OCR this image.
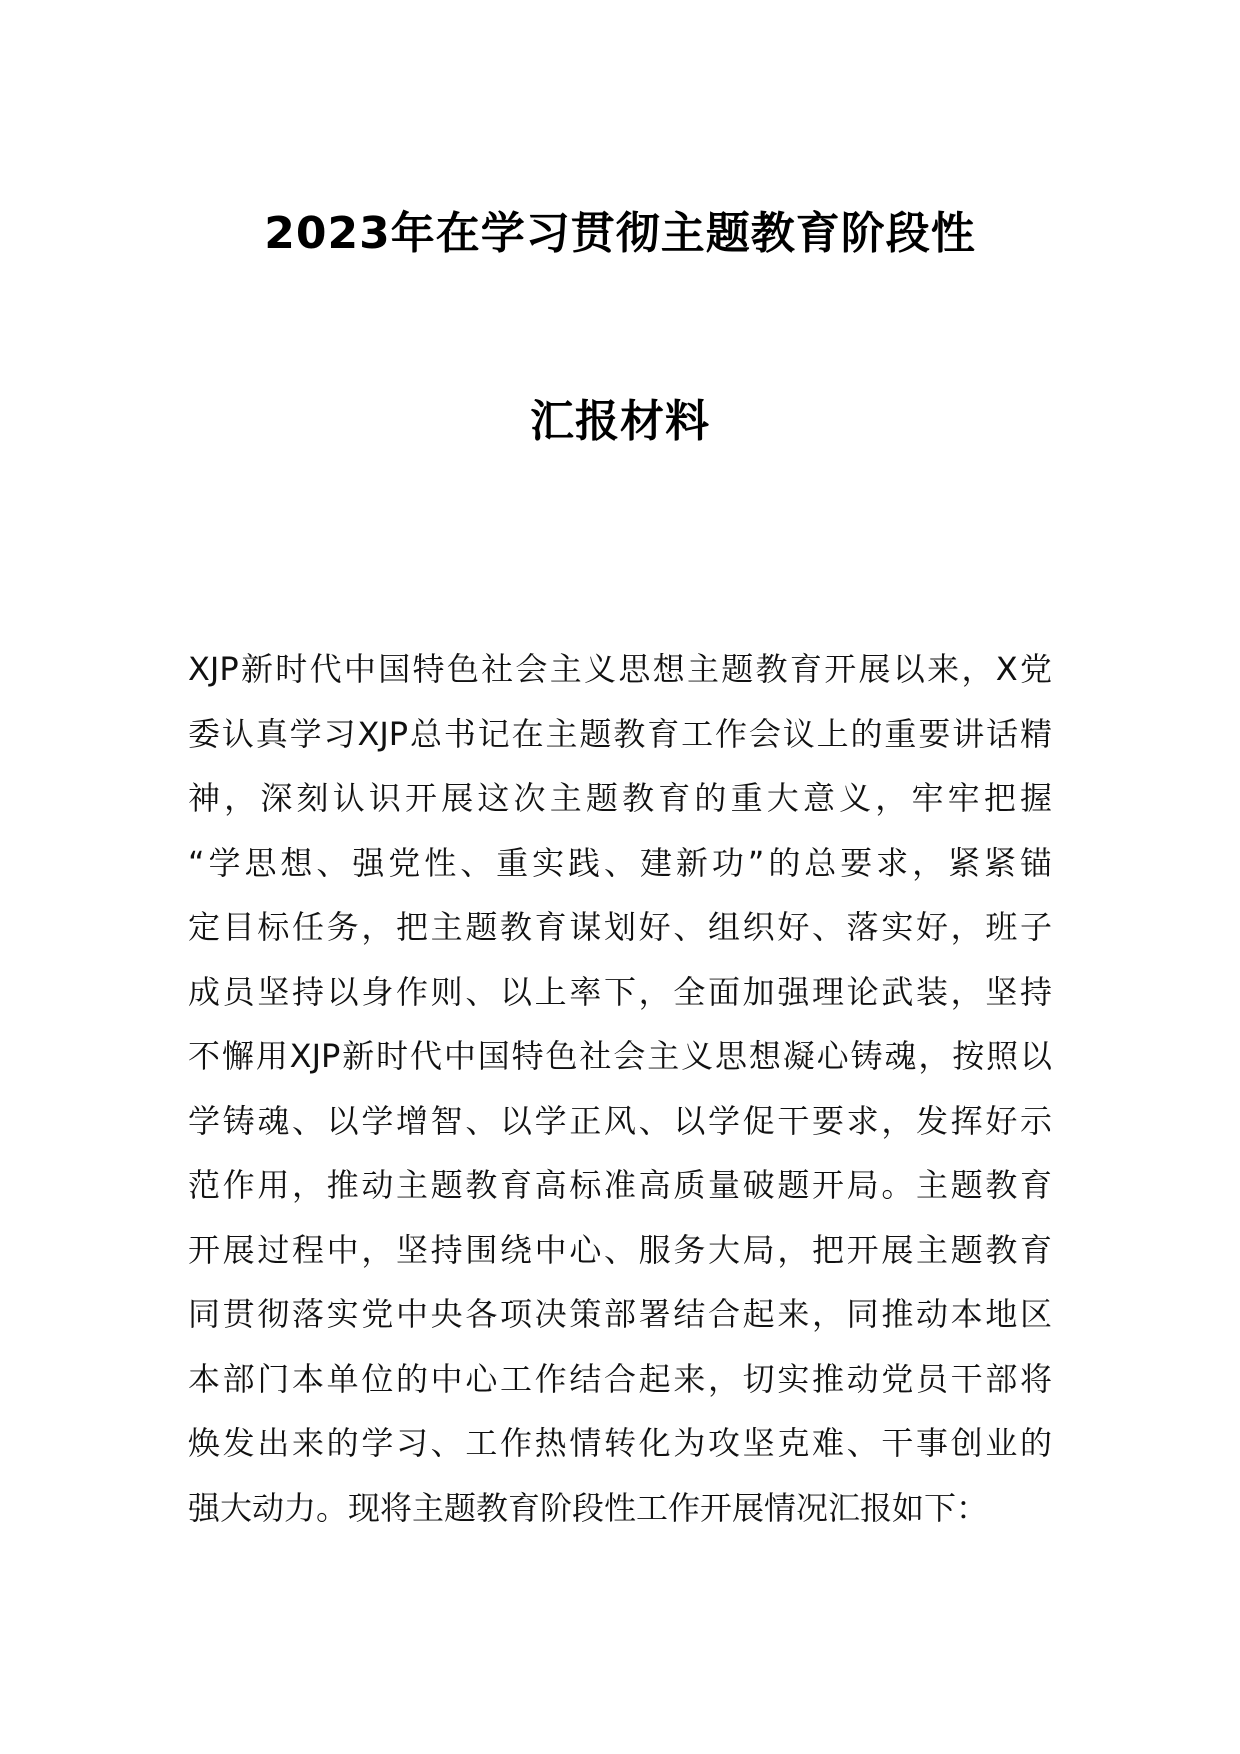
2023年在学习贯彻主题教育阶段性
汇报材料
XJP新时代中国特色社会主义思想主题教育开展以来，X党
委认真学习XJP总书记在主题教育工作会议上的重要讲话精
神，深刻认识开展这次主题教育的重大意义，牢牢把握
“学思想、强党性、重实践、建新功”的总要求，紧紧锚
定目标任务，把主题教育谋划好、组织好、落实好，班子
成员坚持以身作则、以上率下，全面加强理论武装，坚持
不懈用XJP新时代中国特色社会主义思想凝心铸魂，按照以
学铸魂、以学增智、以学正风、以学促干要求，发挥好示
范作用，推动主题教育高标准高质量破题开局。主题教育
开展过程中，坚持围绕中心、服务大局，把开展主题教育
同贯彻落实党中央各项决策部署结合起来，同推动本地区
本部门本单位的中心工作结合起来，切实推动党员干部将
焕发出来的学习、工作热情转化为攻坚克难、干事创业的
强大动力。现将主题教育阶段性工作开展情况汇报如下：
